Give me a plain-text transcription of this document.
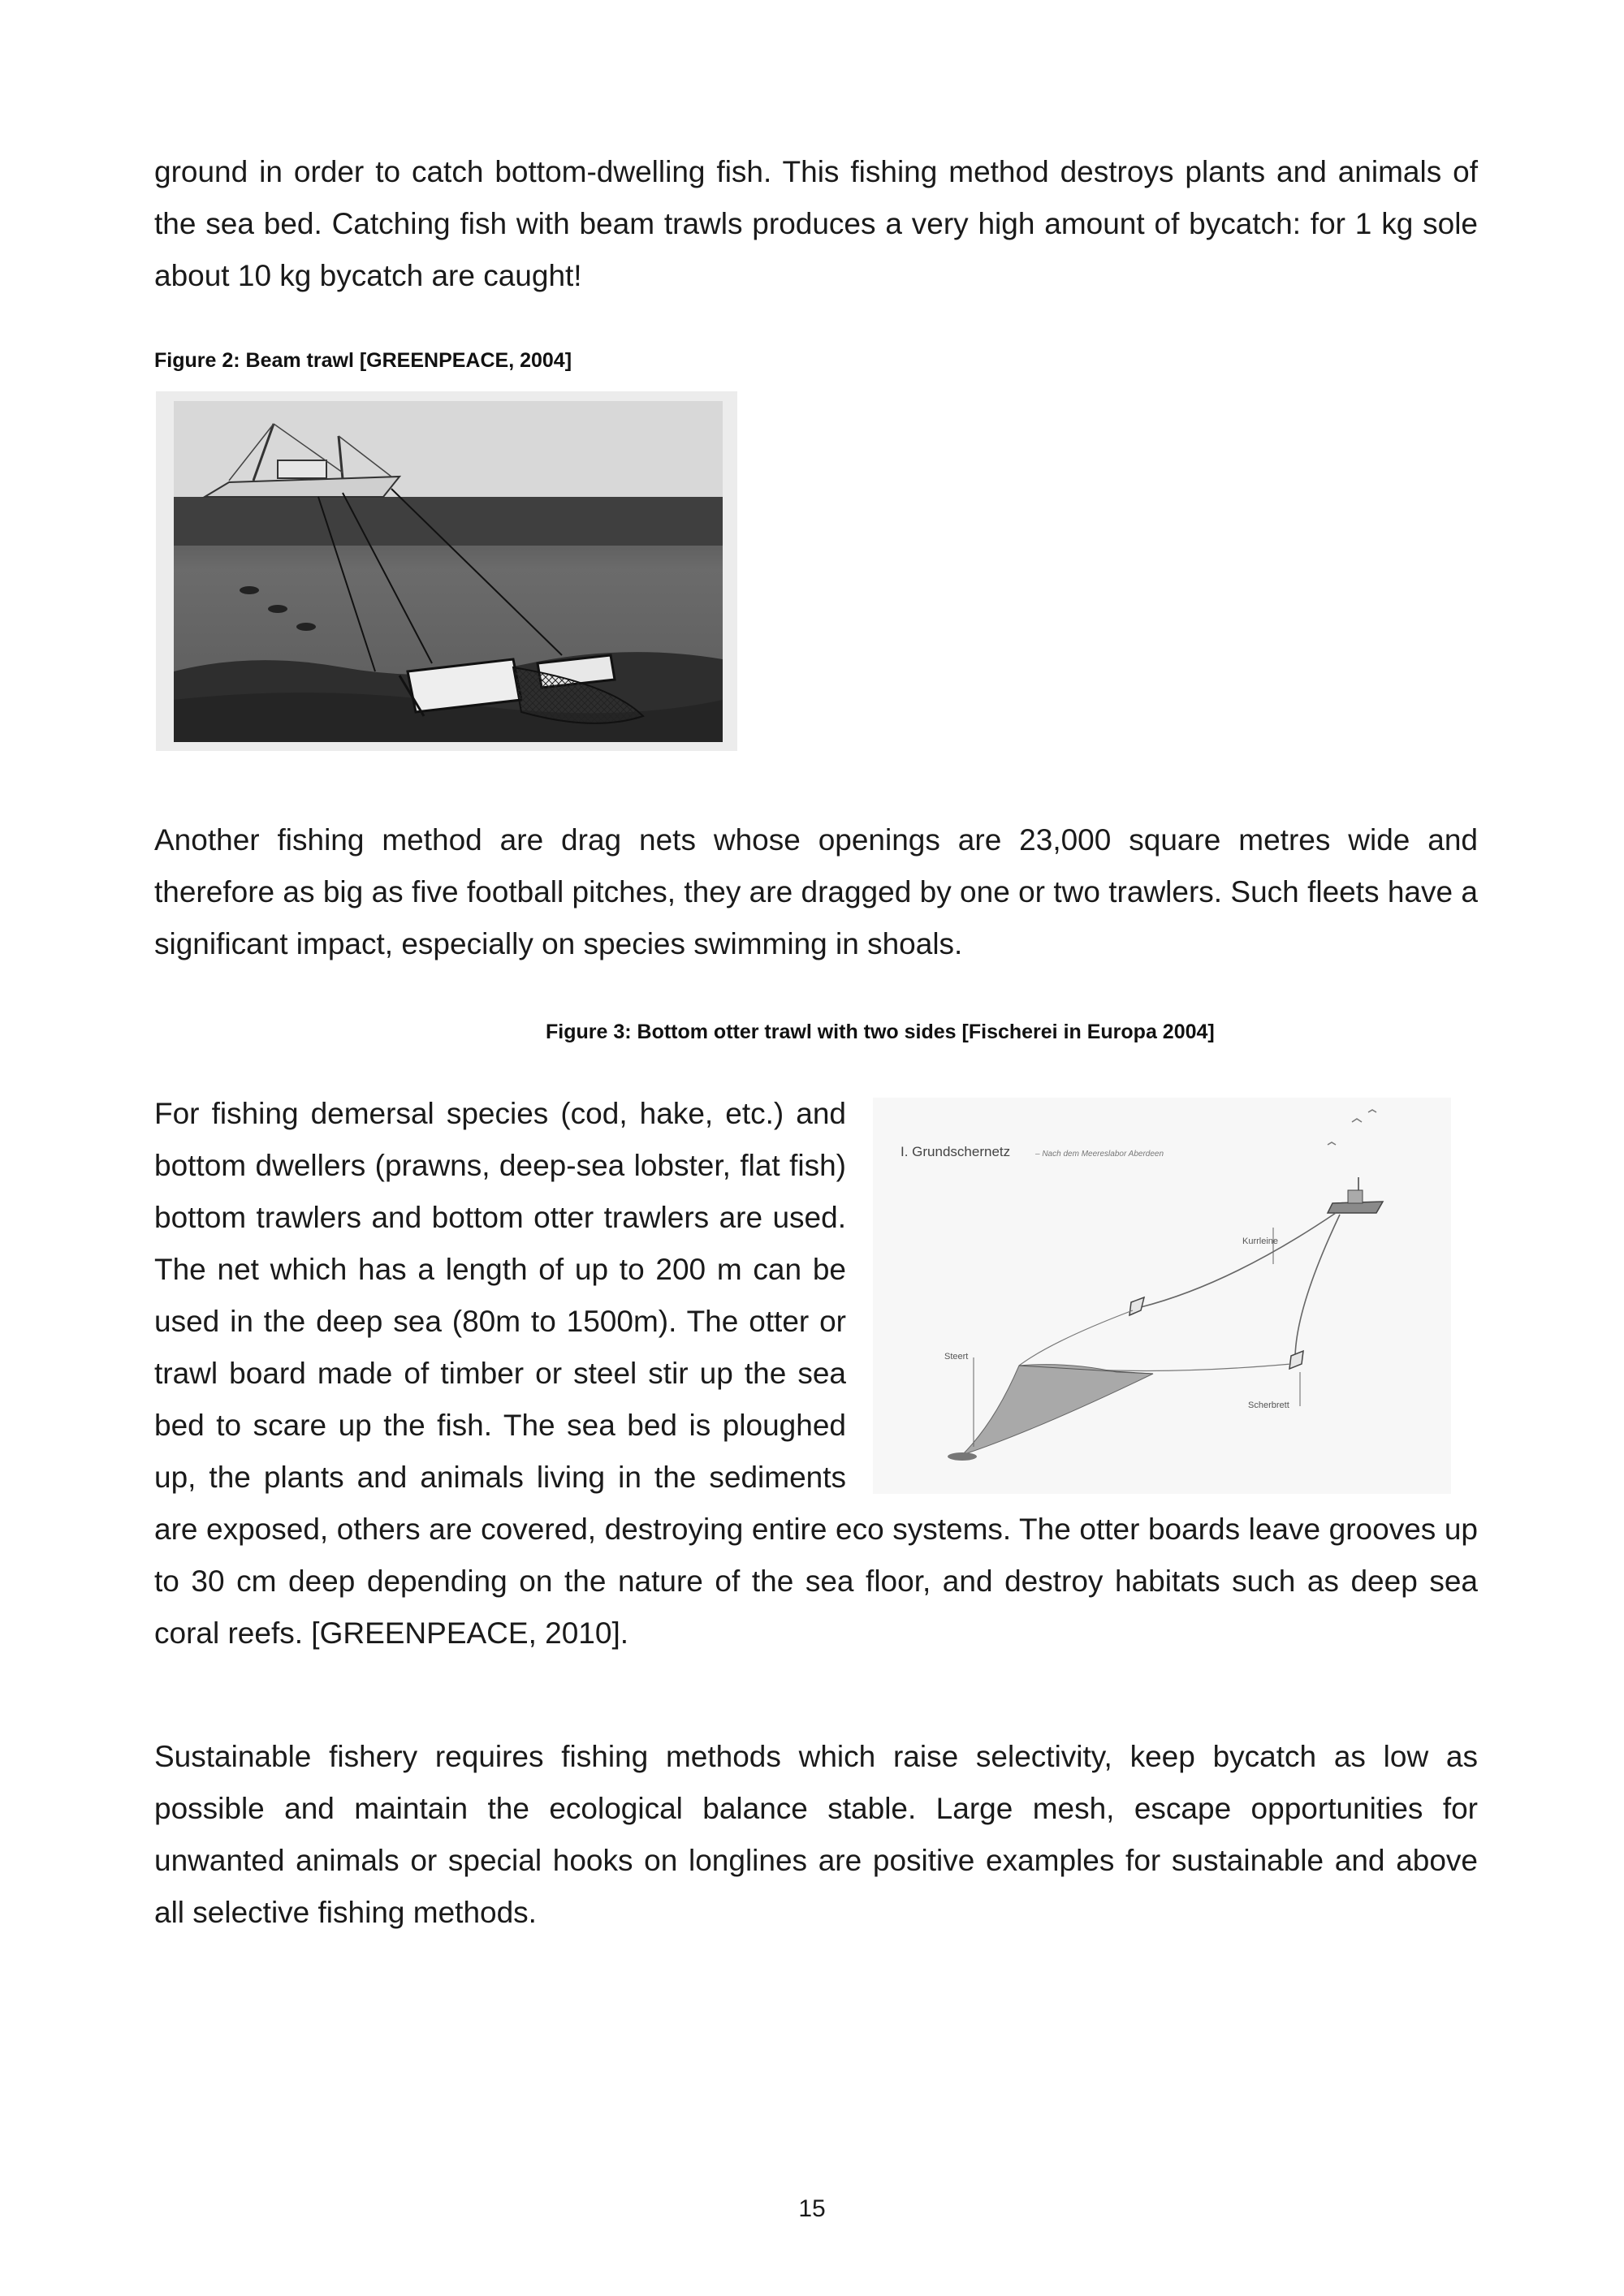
ground in order to catch bottom-dwelling fish. This fishing method destroys plants and animals of the sea bed. Catching fish with beam trawls produces a very high amount of bycatch: for 1 kg sole about 10 kg bycatch are caught!

Figure 2: Beam trawl [GREENPEACE, 2004]

Another fishing method are drag nets whose openings are 23,000 square metres wide and therefore as big as five football pitches, they are dragged by one or two trawlers. Such fleets have a significant impact, especially on species swimming in shoals.

Figure 3: Bottom otter trawl with two sides [Fischerei in Europa 2004]

For fishing demersal species (cod, hake, etc.) and

bottom dwellers (prawns, deep-sea lobster, flat fish)

bottom trawlers and bottom otter trawlers are used.

The net which has a length of up to 200 m can be

used in the deep sea (80m to 1500m). The otter or

trawl board made of timber or steel stir up the sea

bed to scare up the fish. The sea bed is ploughed

up, the plants and animals living in the sediments

I. Grundschernetz	– Nach dem Meereslabor Aberdeen
Kurrleine
Steert
Scherbrett

are exposed, others are covered, destroying entire eco systems. The otter boards leave grooves up to 30 cm deep depending on the nature of the sea floor, and destroy habitats such as deep sea coral reefs. [GREENPEACE, 2010].

Sustainable fishery requires fishing methods which raise selectivity, keep bycatch as low as possible and maintain the ecological balance stable. Large mesh, escape opportunities for unwanted animals or special hooks on longlines are positive examples for sustainable and above all selective fishing methods.

15
